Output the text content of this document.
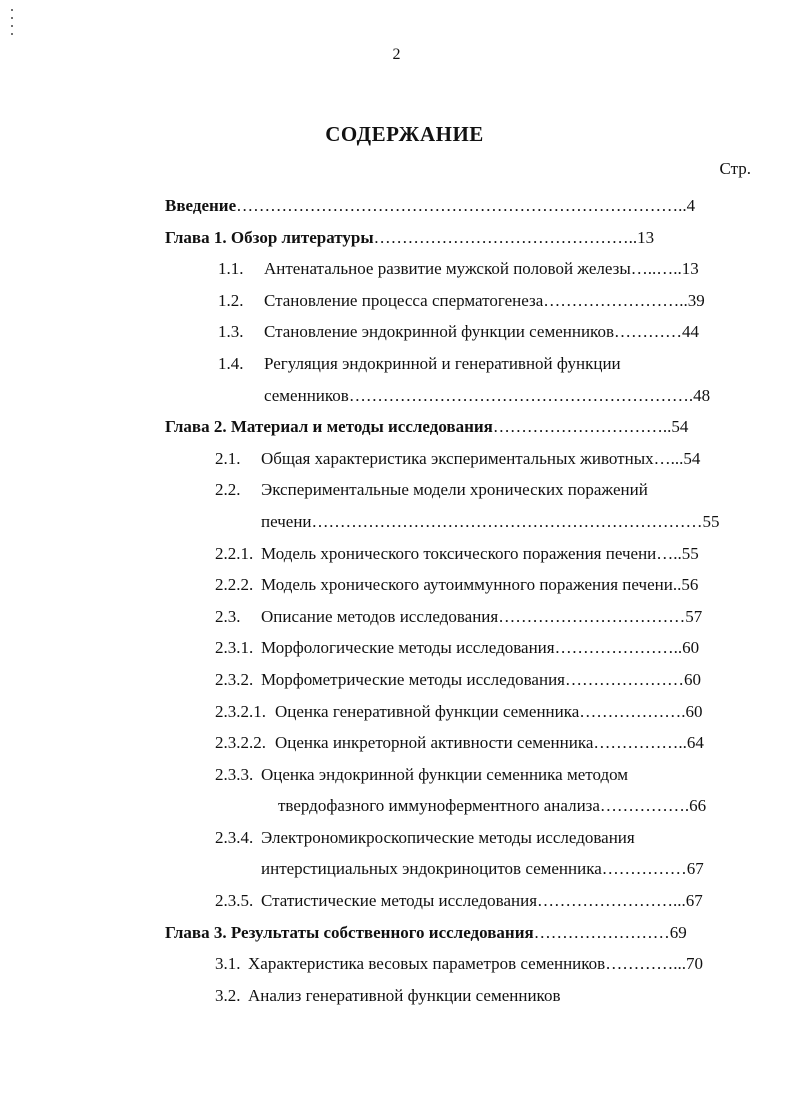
2
СОДЕРЖАНИЕ
Стр.
Введение……………………………………………………………………..4
Глава 1. Обзор литературы………………………………………..13
1.1. Антенатальное развитие мужской половой железы…..…..13
1.2. Становление процесса сперматогенеза……………………..39
1.3. Становление эндокринной функции семенников…………44
1.4. Регуляция эндокринной и генеративной функции
семенников…………………………………………………….48
Глава 2. Материал и методы исследования…………………………..54
2.1. Общая характеристика экспериментальных животных…...54
2.2. Экспериментальные модели хронических поражений
печени……………………………………………………………55
2.2.1. Модель хронического токсического поражения печени…..55
2.2.2. Модель хронического аутоиммунного поражения печени..56
2.3. Описание методов исследования……………………………57
2.3.1. Морфологические методы исследования…………………..60
2.3.2. Морфометрические методы исследования…………………60
2.3.2.1. Оценка генеративной функции семенника……………….60
2.3.2.2. Оценка инкреторной активности семенника……………..64
2.3.3. Оценка эндокринной функции семенника методом
твердофазного иммуноферментного анализа…………….66
2.3.4. Электрономикроскопические методы исследования
интерстициальных эндокриноцитов семенника……………67
2.3.5. Статистические методы исследования……………………...67
Глава 3. Результаты собственного исследования……………………69
3.1. Характеристика весовых параметров семенников…………...70
3.2. Анализ генеративной функции семенников
